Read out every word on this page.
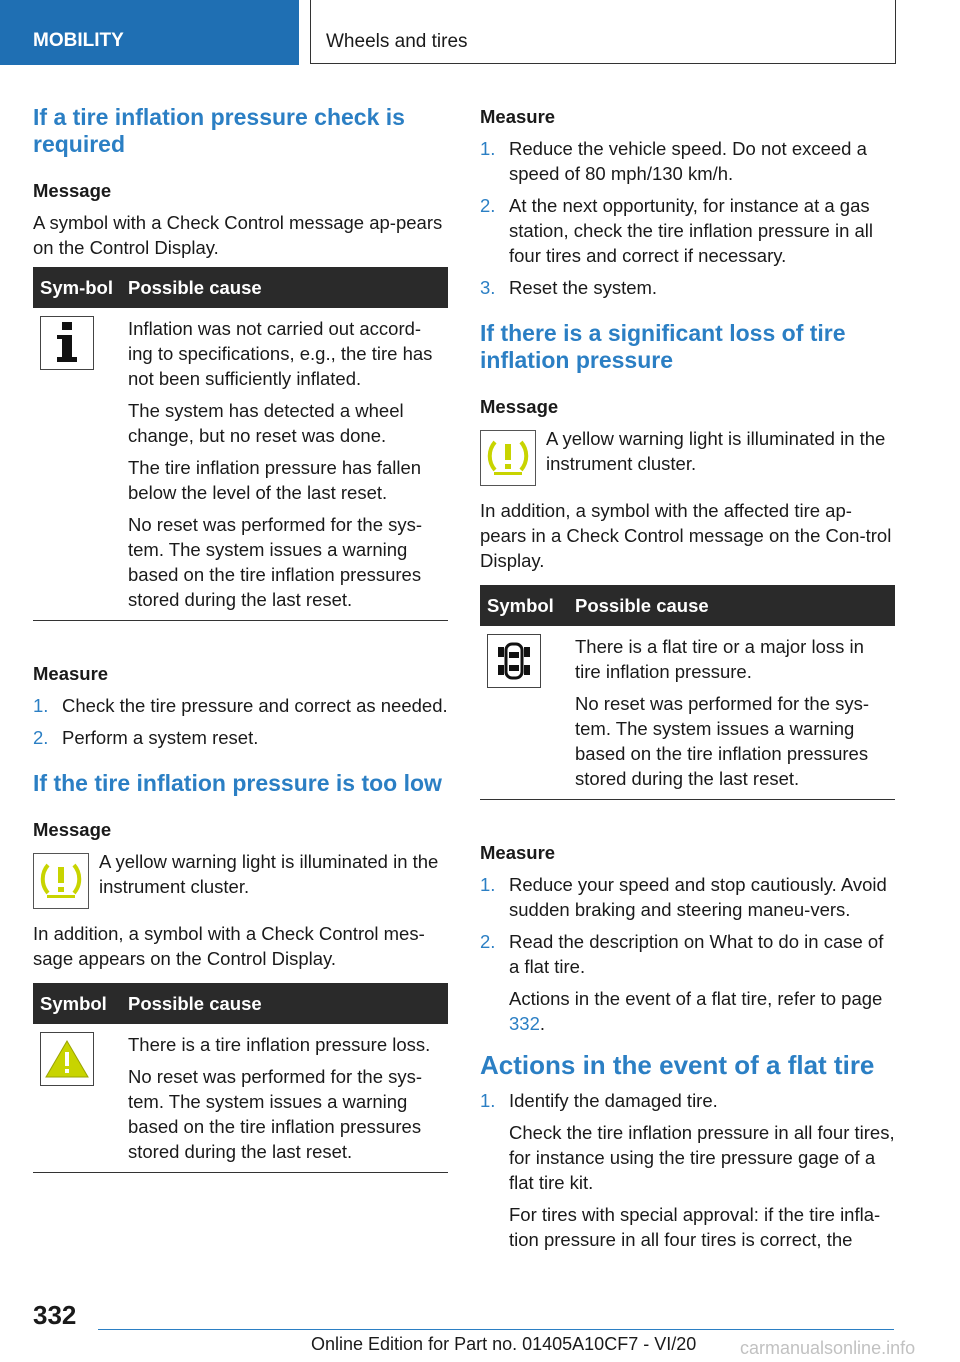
MOBILITY	Wheels and tires
If a tire inflation pressure check is required
Message
A symbol with a Check Control message ap-pears on the Control Display.
Sym-bol	Possible cause

Inflation was not carried out accord-ing to specifications, e.g., the tire has not been sufficiently inflated.
The system has detected a wheel change, but no reset was done.
The tire inflation pressure has fallen below the level of the last reset.
No reset was performed for the sys-tem. The system issues a warning based on the tire inflation pressures stored during the last reset.
Measure
1. Check the tire pressure and correct as needed.
2. Perform a system reset.
If the tire inflation pressure is too low
Message
A yellow warning light is illuminated in the instrument cluster.
In addition, a symbol with a Check Control mes-sage appears on the Control Display.
Symbol	Possible cause

There is a tire inflation pressure loss.
No reset was performed for the sys-tem. The system issues a warning based on the tire inflation pressures stored during the last reset.
Measure
1. Reduce the vehicle speed. Do not exceed a speed of 80 mph/130 km/h.
2. At the next opportunity, for instance at a gas station, check the tire inflation pressure in all four tires and correct if necessary.
3. Reset the system.
If there is a significant loss of tire inflation pressure
Message
A yellow warning light is illuminated in the instrument cluster.
In addition, a symbol with the affected tire ap-pears in a Check Control message on the Con-trol Display.
Symbol	Possible cause

There is a flat tire or a major loss in tire inflation pressure.
No reset was performed for the sys-tem. The system issues a warning based on the tire inflation pressures stored during the last reset.
Measure
1. Reduce your speed and stop cautiously. Avoid sudden braking and steering maneu-vers.
2. Read the description on What to do in case of a flat tire.
Actions in the event of a flat tire, refer to page 332.
Actions in the event of a flat tire
1. Identify the damaged tire.
Check the tire inflation pressure in all four tires, for instance using the tire pressure gage of a flat tire kit.
For tires with special approval: if the tire infla-tion pressure in all four tires is correct, the
332
Online Edition for Part no. 01405A10CF7 - VI/20 carmanualsonline.info
